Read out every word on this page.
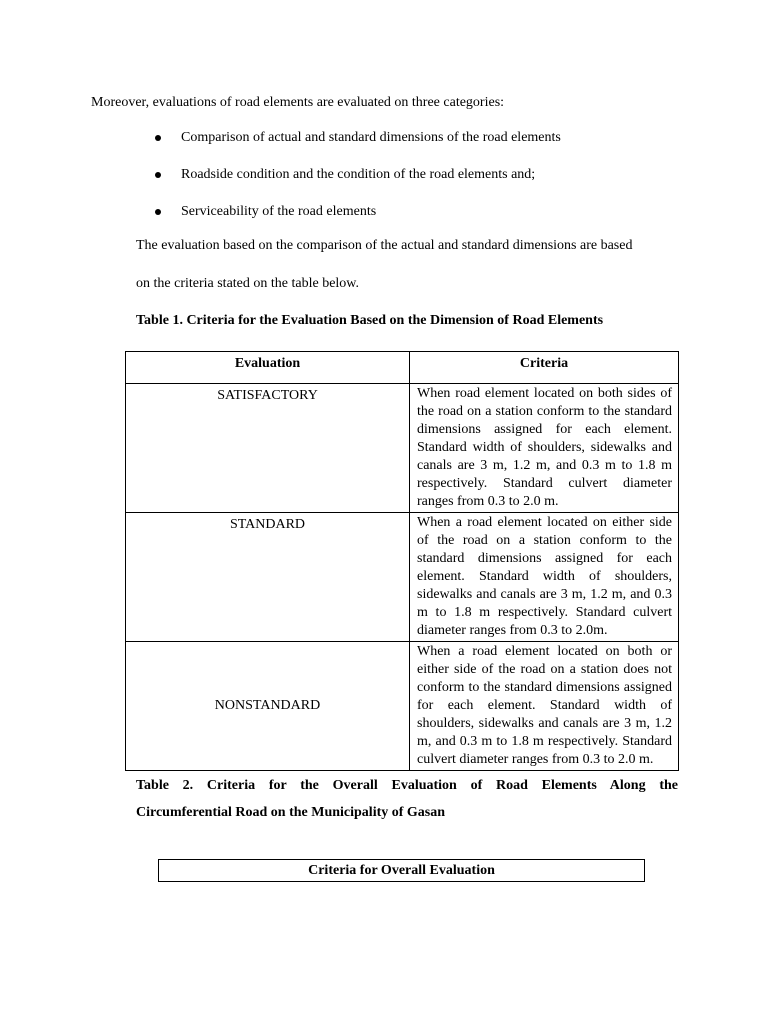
Moreover, evaluations of road elements are evaluated on three categories:

Comparison of actual and standard dimensions of the road elements
Roadside condition and the condition of the road elements and;
Serviceability of the road elements

The evaluation based on the comparison of the actual and standard dimensions are based

on the criteria stated on the table below.

Table 1. Criteria for the Evaluation Based on the Dimension of Road Elements

Evaluation	Criteria
SATISFACTORY	When road element located on both sides of the road on a station conform to the standard dimensions assigned for each element. Standard width of shoulders, sidewalks and canals are 3 m, 1.2 m, and 0.3 m to 1.8 m respectively. Standard culvert diameter ranges from 0.3 to 2.0 m.
STANDARD	When a road element located on either side of the road on a station conform to the standard dimensions assigned for each element. Standard width of shoulders, sidewalks and canals are 3 m, 1.2 m, and 0.3 m to 1.8 m respectively. Standard culvert diameter ranges from 0.3 to 2.0m.
NONSTANDARD	When a road element located on both or either side of the road on a station does not conform to the standard dimensions assigned for each element. Standard width of shoulders, sidewalks and canals are 3 m, 1.2 m, and 0.3 m to 1.8 m respectively. Standard culvert diameter ranges from 0.3 to 2.0 m.

Table 2. Criteria for the Overall Evaluation of Road Elements Along the

Circumferential Road on the Municipality of Gasan

Criteria for Overall Evaluation
